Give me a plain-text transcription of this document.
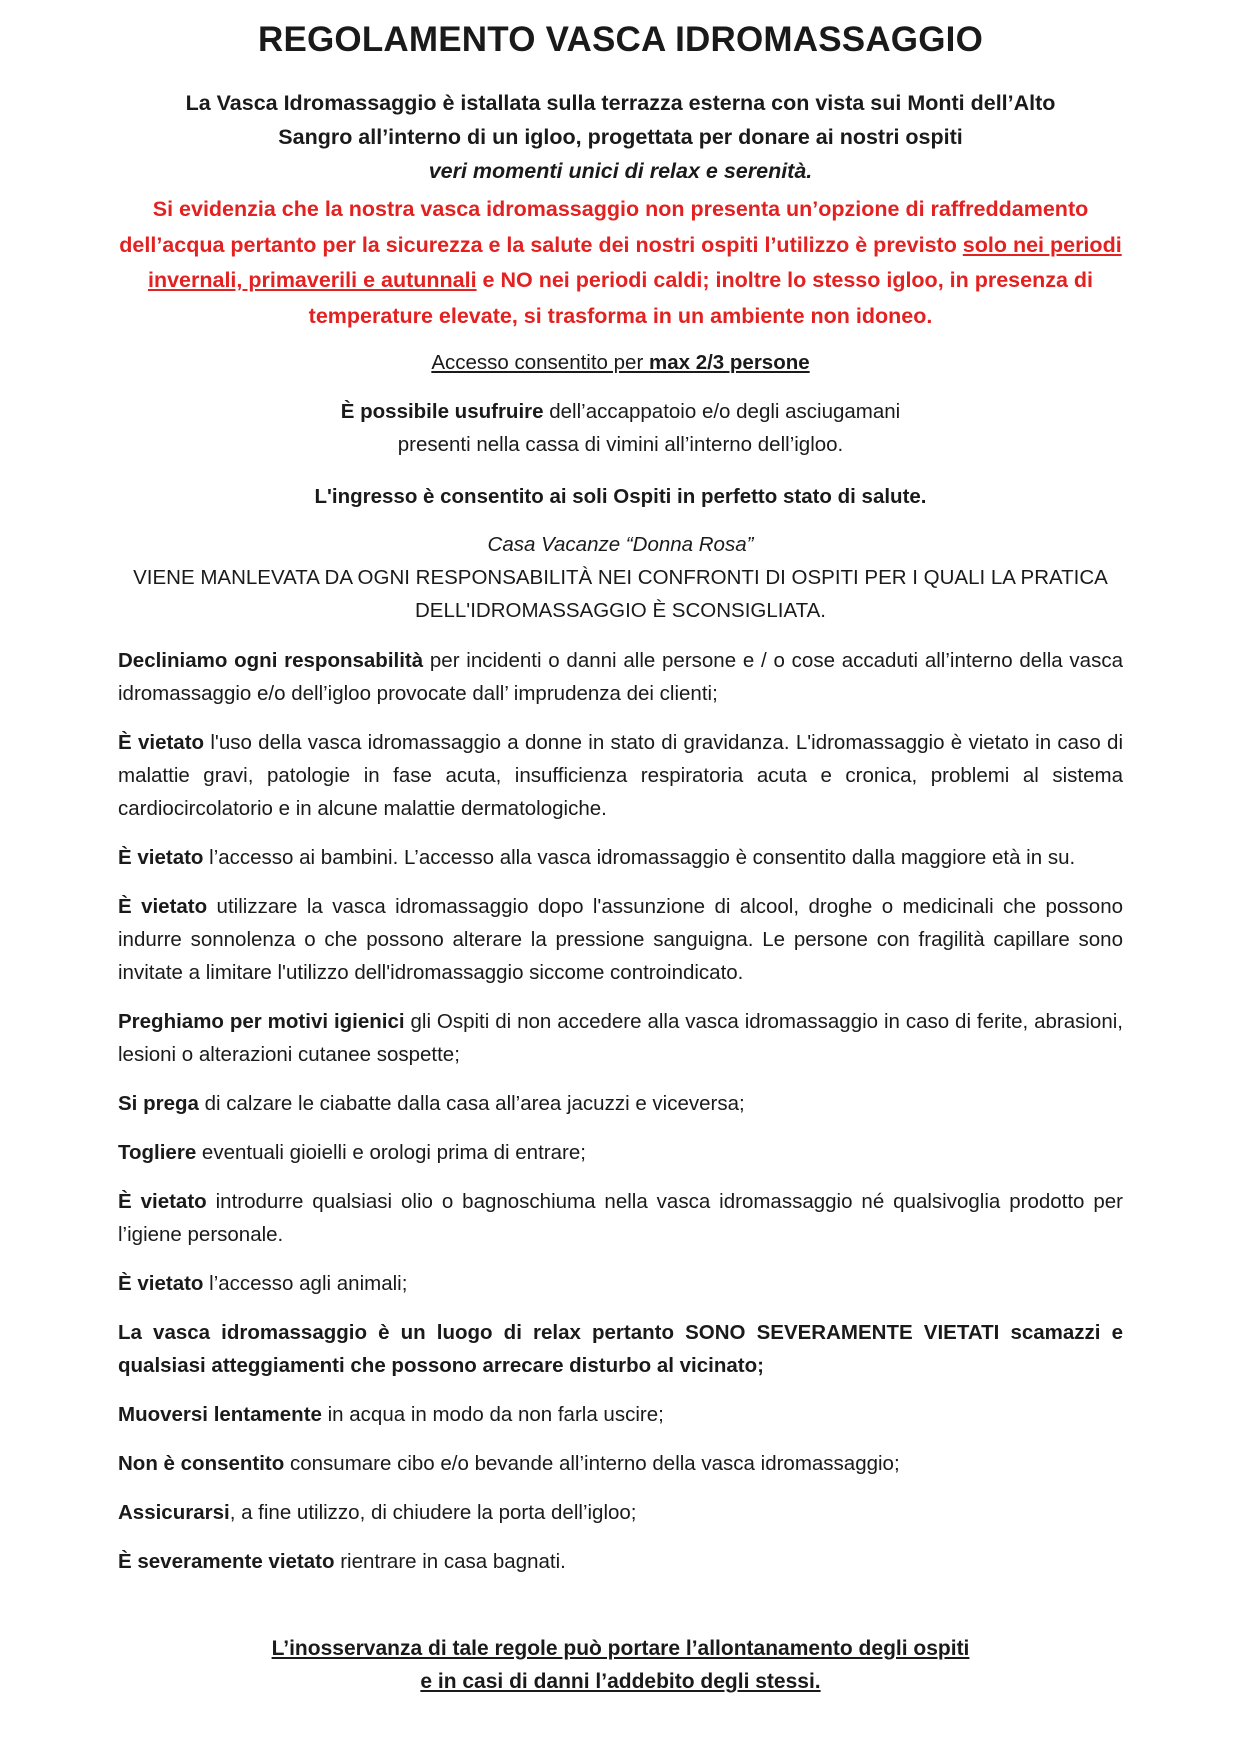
REGOLAMENTO VASCA IDROMASSAGGIO
La Vasca Idromassaggio è istallata sulla terrazza esterna con vista sui Monti dell’Alto
Sangro all’interno di un igloo, progettata per donare ai nostri ospiti
veri momenti unici di relax e serenità.
Si evidenzia che la nostra vasca idromassaggio non presenta un’opzione di raffreddamento dell’acqua pertanto per la sicurezza e la salute dei nostri ospiti l’utilizzo è previsto solo nei periodi invernali, primaverili e autunnali e NO nei periodi caldi; inoltre lo stesso igloo, in presenza di temperature elevate, si trasforma in un ambiente non idoneo.
Accesso consentito per max 2/3 persone
È possibile usufruire dell’accappatoio e/o degli asciugamani
presenti nella cassa di vimini all’interno dell’igloo.
L'ingresso è consentito ai soli Ospiti in perfetto stato di salute.
Casa Vacanze “Donna Rosa”
VIENE MANLEVATA DA OGNI RESPONSABILITÀ NEI CONFRONTI DI OSPITI PER I QUALI LA PRATICA
DELL'IDROMASSAGGIO È SCONSIGLIATA.
Decliniamo ogni responsabilità per incidenti o danni alle persone e / o cose accaduti all’interno della vasca idromassaggio e/o dell’igloo provocate dall’ imprudenza dei clienti;
È vietato l'uso della vasca idromassaggio a donne in stato di gravidanza. L'idromassaggio è vietato in caso di malattie gravi, patologie in fase acuta, insufficienza respiratoria acuta e cronica, problemi al sistema cardiocircolatorio e in alcune malattie dermatologiche.
È vietato l’accesso ai bambini. L’accesso alla vasca idromassaggio è consentito dalla maggiore età in su.
È vietato utilizzare la vasca idromassaggio dopo l'assunzione di alcool, droghe o medicinali che possono indurre sonnolenza o che possono alterare la pressione sanguigna. Le persone con fragilità capillare sono invitate a limitare l'utilizzo dell'idromassaggio siccome controindicato.
Preghiamo per motivi igienici gli Ospiti di non accedere alla vasca idromassaggio in caso di ferite, abrasioni, lesioni o alterazioni cutanee sospette;
Si prega di calzare le ciabatte dalla casa all’area jacuzzi e viceversa;
Togliere eventuali gioielli e orologi prima di entrare;
È vietato introdurre qualsiasi olio o bagnoschiuma nella vasca idromassaggio né qualsivoglia prodotto per l’igiene personale.
È vietato l’accesso agli animali;
La vasca idromassaggio è un luogo di relax pertanto SONO SEVERAMENTE VIETATI scamazzi e qualsiasi atteggiamenti che possono arrecare disturbo al vicinato;
Muoversi lentamente in acqua in modo da non farla uscire;
Non è consentito consumare cibo e/o bevande all’interno della vasca idromassaggio;
Assicurarsi, a fine utilizzo, di chiudere la porta dell’igloo;
È severamente vietato rientrare in casa bagnati.
L’inosservanza di tale regole può portare l’allontanamento degli ospiti
e in casi di danni l’addebito degli stessi.
